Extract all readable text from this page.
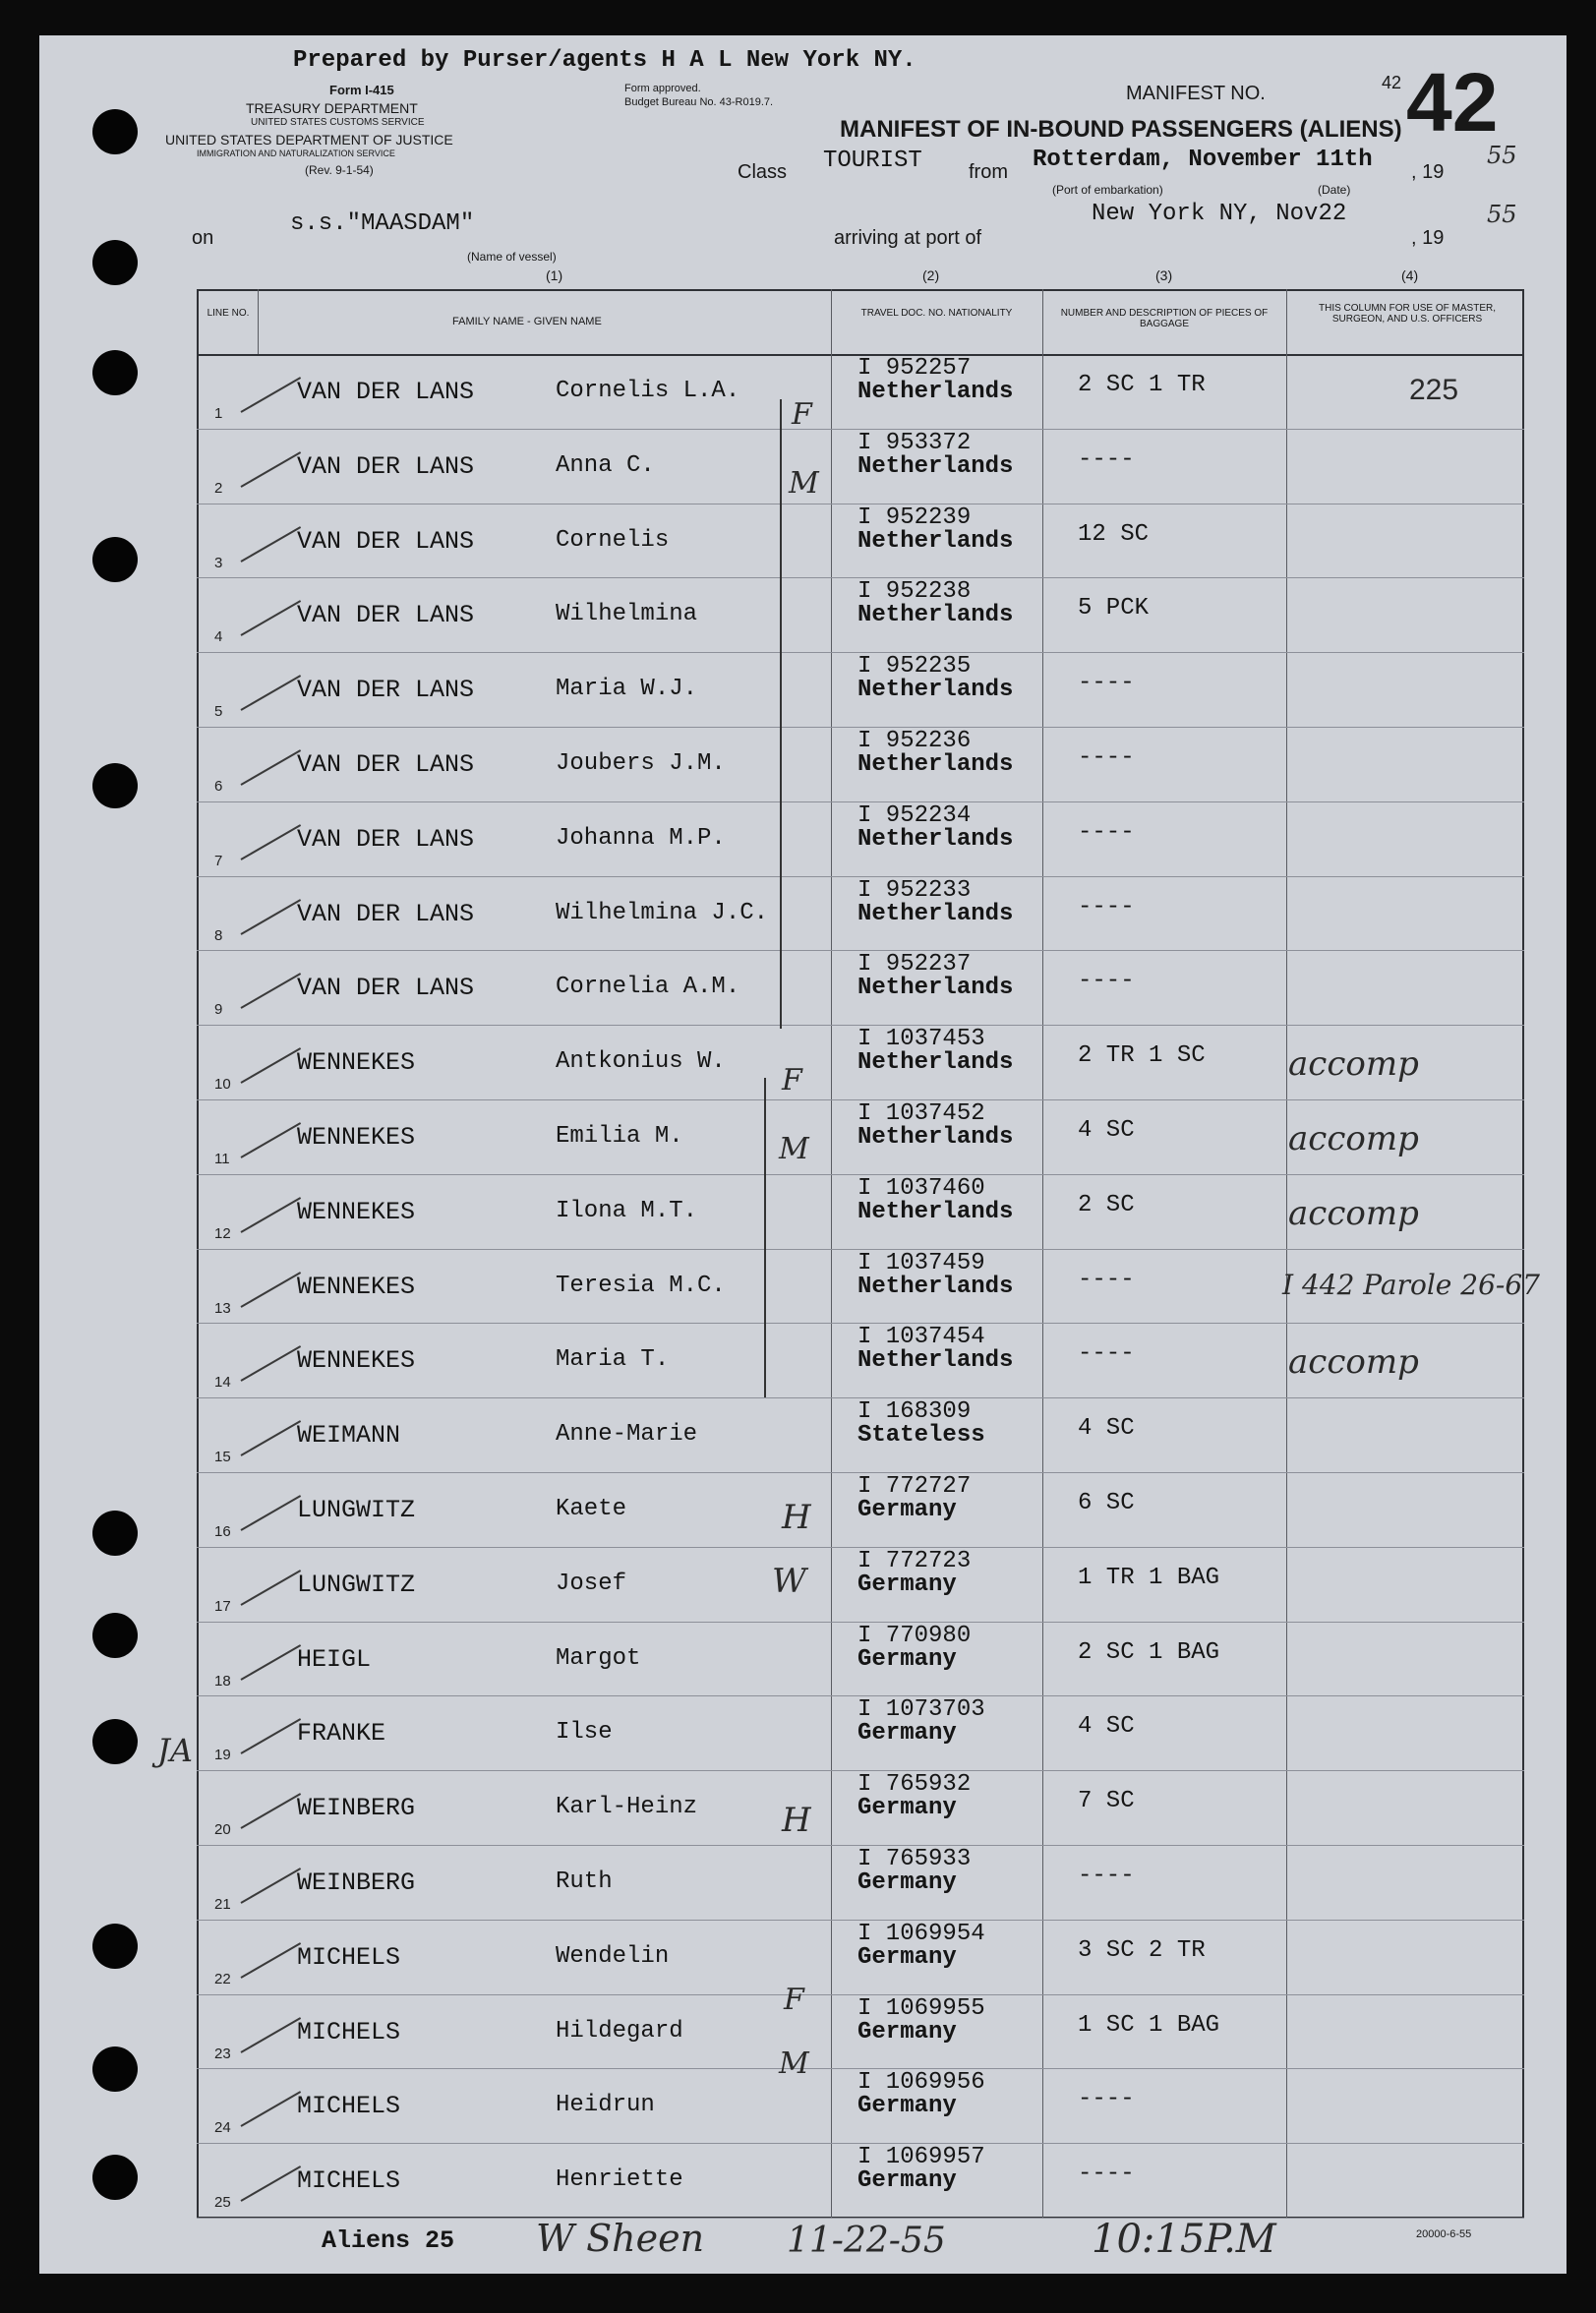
Prepared by Purser/agents H A L New York NY.
Form I-415
TREASURY DEPARTMENT
UNITED STATES CUSTOMS SERVICE
UNITED STATES DEPARTMENT OF JUSTICE
IMMIGRATION AND NATURALIZATION SERVICE
(Rev. 9-1-54)
Form approved.
Budget Bureau No. 43-R019.7.	MANIFEST NO.	42 42
MANIFEST OF IN-BOUND PASSENGERS (ALIENS)
Class TOURIST from Rotterdam, November 11th , 19
55
(Port of embarkation)	(Date)
on
s.s."MAASDAM"
(Name of vessel)
arriving at port of
New York NY, Nov22
, 19
55
(1)	(2)	(3)	(4)
LINE NO.
FAMILY NAME - GIVEN NAME
TRAVEL DOC. NO. NATIONALITY	NUMBER AND DESCRIPTION OF PIECES OF BAGGAGE
THIS COLUMN FOR USE OF MASTER, SURGEON, AND U.S. OFFICERS
1
VAN DER LANS	Cornelis L.A.
I 952257
Netherlands	2 SC 1 TR	225
2
VAN DER LANS	Anna C.
I 953372
Netherlands	----
3
VAN DER LANS	Cornelis
I 952239
Netherlands	12 SC
4
VAN DER LANS	Wilhelmina
I 952238
Netherlands	5 PCK
5
VAN DER LANS	Maria W.J.
I 952235
Netherlands	----
6
VAN DER LANS	Joubers J.M.
I 952236
Netherlands	----
7
VAN DER LANS	Johanna M.P.
I 952234
Netherlands	----
8
VAN DER LANS	Wilhelmina J.C.
I 952233
Netherlands	----
9
VAN DER LANS	Cornelia A.M.
I 952237
Netherlands	----
10
WENNEKES	Antkonius W.
I 1037453
Netherlands	2 TR 1 SC accomp
11
WENNEKES	Emilia M.
I 1037452
Netherlands	4 SC	accomp
12
WENNEKES	Ilona M.T.
I 1037460
Netherlands	2 SC	accomp
13
WENNEKES	Teresia M.C.
I 1037459
Netherlands	----	I 442 Parole 26-67
14
WENNEKES	Maria T.
I 1037454
Netherlands	----	accomp
15
WEIMANN	Anne-Marie
I 168309
Stateless	4 SC
16
LUNGWITZ	Kaete
I 772727
Germany	6 SC
17
LUNGWITZ	Josef
I 772723
Germany	1 TR 1 BAG
18
HEIGL	Margot
I 770980
Germany	2 SC 1 BAG
19
FRANKE	Ilse
I 1073703
Germany	4 SC
20
WEINBERG	Karl-Heinz
I 765932
Germany	7 SC
21
WEINBERG	Ruth
I 765933
Germany	----
22
MICHELS	Wendelin
I 1069954
Germany	3 SC 2 TR
23
MICHELS	Hildegard
I 1069955
Germany	1 SC 1 BAG
24
MICHELS	Heidrun
I 1069956
Germany	----
25
MICHELS	Henriette
I 1069957
Germany	----
F
M
F
M
H
W
H
F
M
Aliens 25 W Sheen 11-22-55	10:15P.M	20000-6-55
JA
